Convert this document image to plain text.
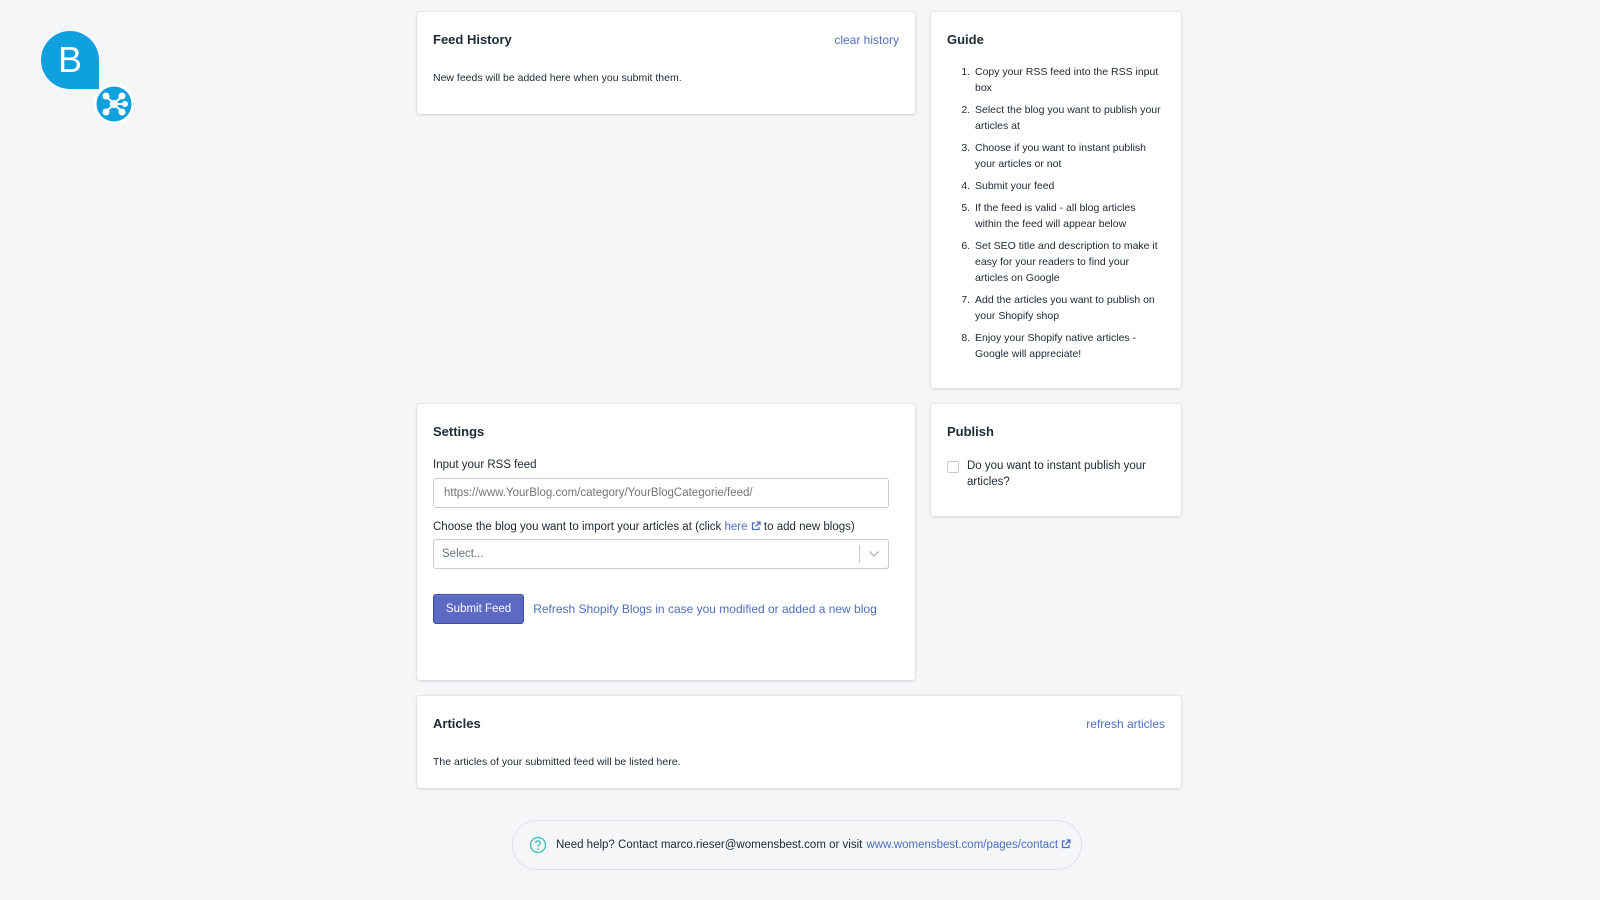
B	Feed History	clear history
New feeds will be added here when you submit them.
Guide
1. Copy your RSS feed into the RSS input box
2. Select the blog you want to publish your articles at
3. Choose if you want to instant publish your articles or not
4. Submit your feed
5. If the feed is valid - all blog articles within the feed will appear below
6. Set SEO title and description to make it easy for your readers to find your articles on Google
7. Add the articles you want to publish on your Shopify shop
8. Enjoy your Shopify native articles - Google will appreciate!
Settings
Input your RSS feed
https://www.YourBlog.com/category/YourBlogCategorie/feed/
Choose the blog you want to import your articles at (click here to add new blogs)
Select...
Submit Feed	Refresh Shopify Blogs in case you modified or added a new blog
Publish
Do you want to instant publish your articles?
Articles	refresh articles
The articles of your submitted feed will be listed here.
Need help? Contact marco.rieser@womensbest.com or visit www.womensbest.com/pages/contact
